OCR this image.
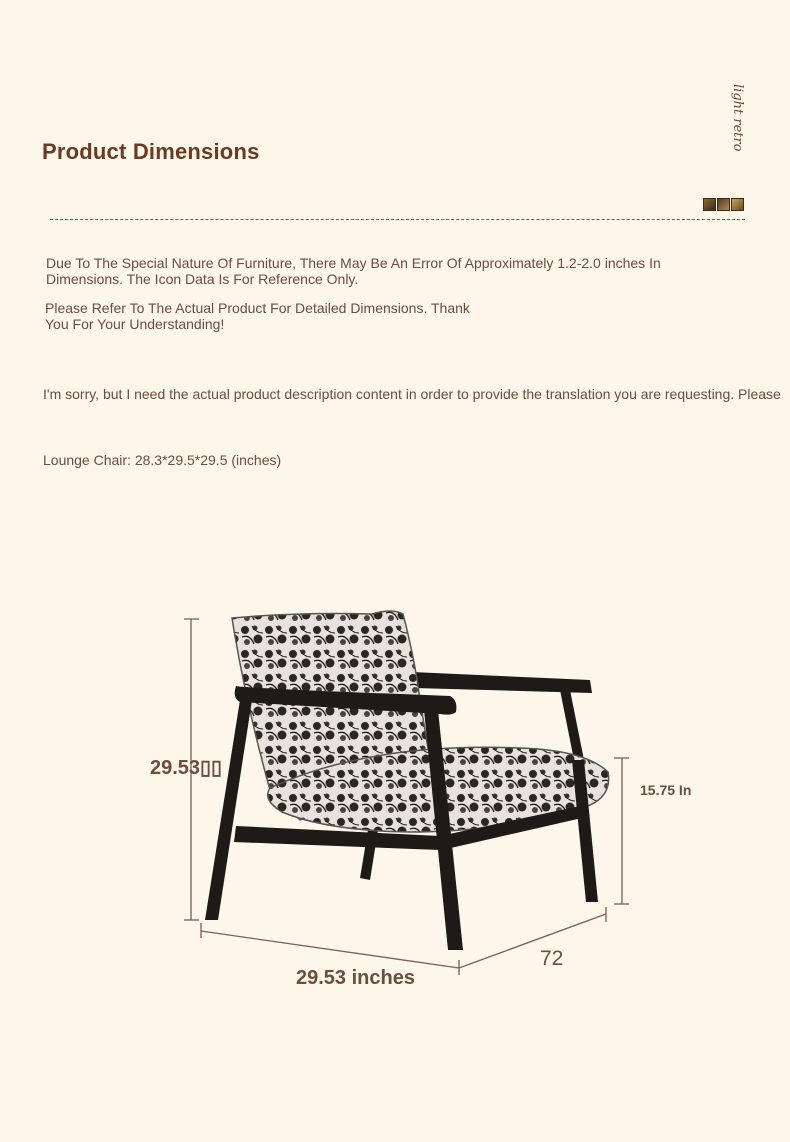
Product Dimensions	light retro
Due To The Special Nature Of Furniture, There May Be An Error Of Approximately 1.2-2.0 inches In Dimensions. The Icon Data Is For Reference Only.
Please Refer To The Actual Product For Detailed Dimensions. Thank You For Your Understanding!
I'm sorry, but I need the actual product description content in order to provide the translation you are requesting. Please
Lounge Chair: 28.3*29.5*29.5 (inches)
29.53▯▯
15.75 In
29.53 inches
72
